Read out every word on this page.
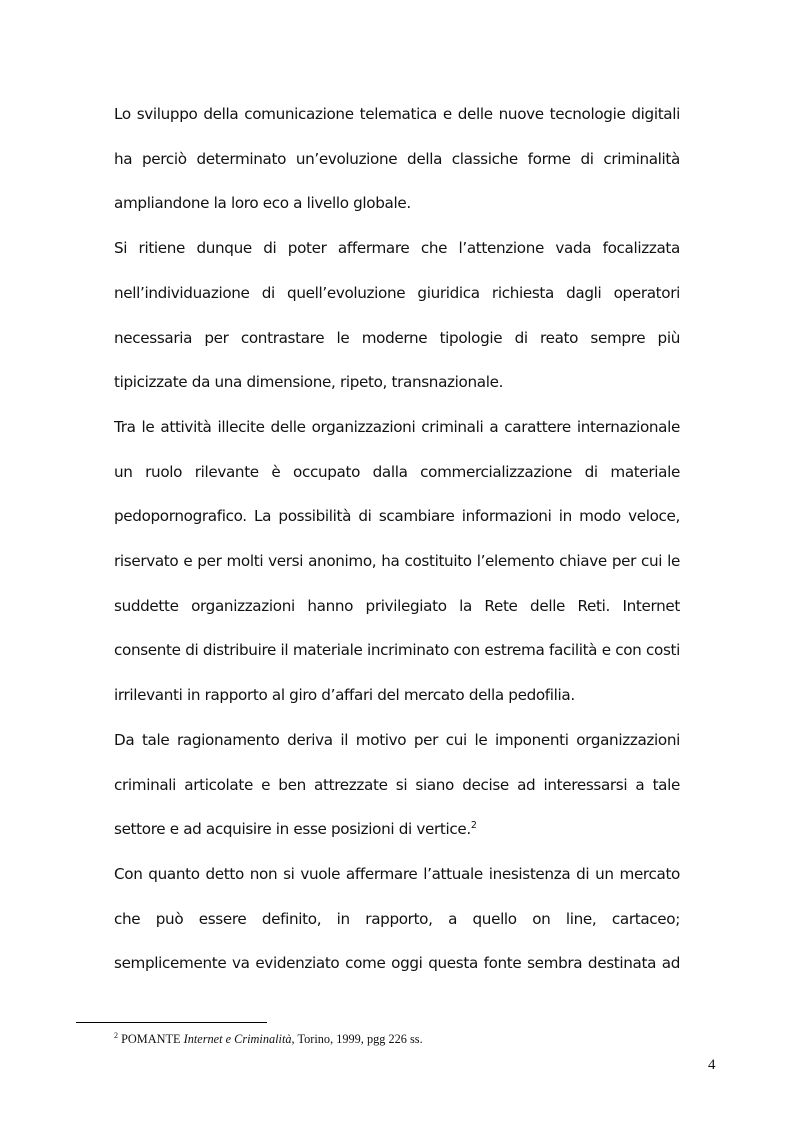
Lo sviluppo della comunicazione telematica e delle nuove tecnologie digitali ha perciò determinato un’evoluzione della classiche forme di criminalità ampliandone la loro eco a livello globale.

Si ritiene dunque di poter affermare che l’attenzione vada focalizzata nell’individuazione di quell’evoluzione giuridica richiesta dagli operatori necessaria per contrastare le moderne tipologie di reato sempre più tipicizzate da una dimensione, ripeto, transnazionale.

Tra le attività illecite delle organizzazioni criminali a carattere internazionale un ruolo rilevante è occupato dalla commercializzazione di materiale pedopornografico. La possibilità di scambiare informazioni in modo veloce, riservato e per molti versi anonimo, ha costituito l’elemento chiave per cui le suddette organizzazioni hanno privilegiato la Rete delle Reti. Internet consente di distribuire il materiale incriminato con estrema facilità e con costi irrilevanti in rapporto al giro d’affari del mercato della pedofilia.

Da tale ragionamento deriva il motivo per cui le imponenti organizzazioni criminali articolate e ben attrezzate si siano decise ad interessarsi a tale settore e ad acquisire in esse posizioni di vertice.$^2$

Con quanto detto non si vuole affermare l’attuale inesistenza di un mercato che può essere definito, in rapporto, a quello on line, cartaceo; semplicemente va evidenziato come oggi questa fonte sembra destinata ad

$^2$ POMANTE Internet e Criminalità, Torino, 1999, pgg 226 ss.
4
